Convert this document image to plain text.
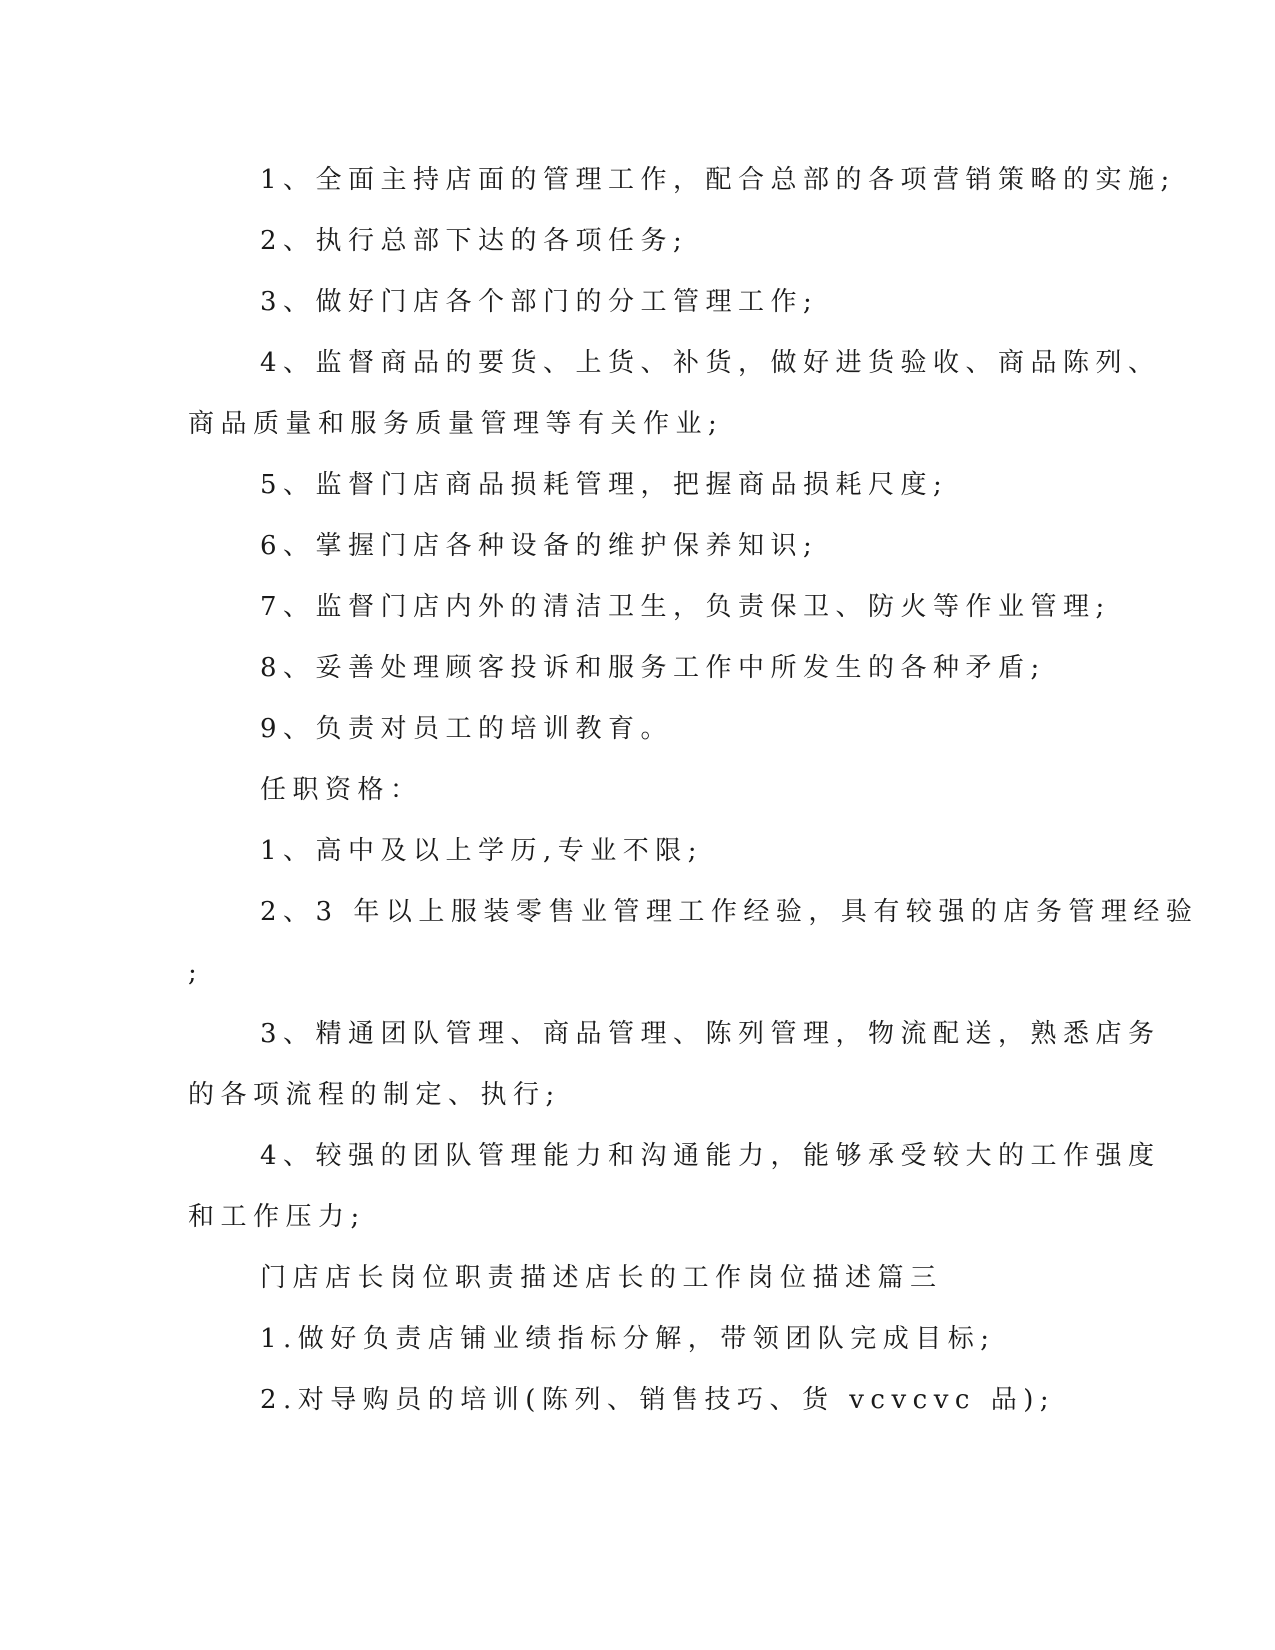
1、全面主持店面的管理工作，配合总部的各项营销策略的实施;
2、执行总部下达的各项任务;
3、做好门店各个部门的分工管理工作;
4、监督商品的要货、上货、补货，做好进货验收、商品陈列、
商品质量和服务质量管理等有关作业;
5、监督门店商品损耗管理，把握商品损耗尺度;
6、掌握门店各种设备的维护保养知识;
7、监督门店内外的清洁卫生，负责保卫、防火等作业管理;
8、妥善处理顾客投诉和服务工作中所发生的各种矛盾;
9、负责对员工的培训教育。
任职资格：
1、高中及以上学历,专业不限;
2、3 年以上服装零售业管理工作经验，具有较强的店务管理经验
;
3、精通团队管理、商品管理、陈列管理，物流配送，熟悉店务
的各项流程的制定、执行;
4、较强的团队管理能力和沟通能力，能够承受较大的工作强度
和工作压力;
门店店长岗位职责描述店长的工作岗位描述篇三
1.做好负责店铺业绩指标分解，带领团队完成目标;
2.对导购员的培训(陈列、销售技巧、货 vcvcvc 品);
